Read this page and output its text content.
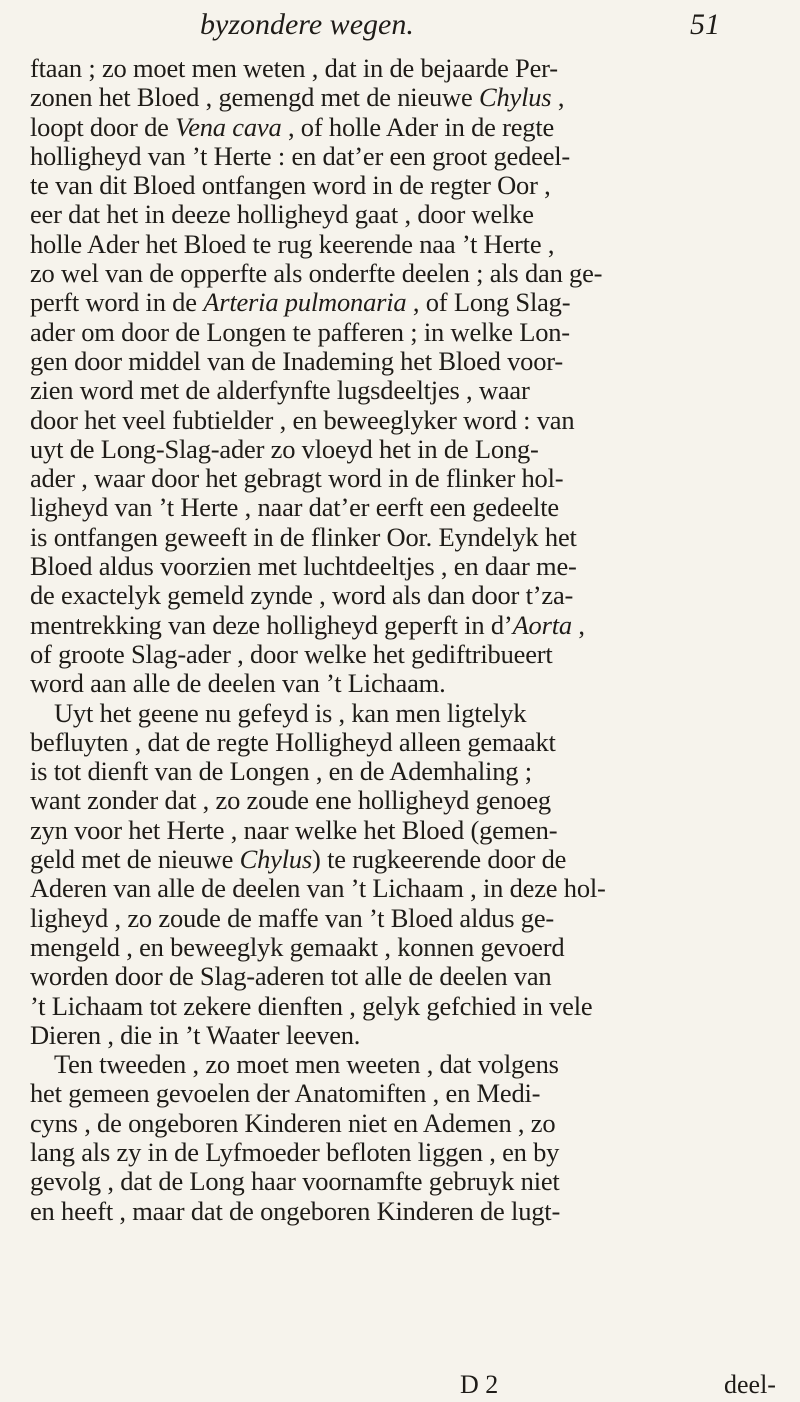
byzondere wegen.	51
ftaan ; zo moet men weten , dat in de bejaarde Per-
zonen het Bloed , gemengd met de nieuwe Chylus ,
loopt door de Vena cava , of holle Ader in de regte
holligheyd van ’t Herte : en dat’er een groot gedeel-
te van dit Bloed ontfangen word in de regter Oor ,
eer dat het in deeze holligheyd gaat , door welke
holle Ader het Bloed te rug keerende naa ’t Herte ,
zo wel van de opperfte als onderfte deelen ; als dan ge-
perft word in de Arteria pulmonaria , of Long Slag-
ader om door de Longen te pafferen ; in welke Lon-
gen door middel van de Inademing het Bloed voor-
zien word met de alderfynfte lugsdeeltjes , waar
door het veel fubtielder , en beweeglyker word : van
uyt de Long-Slag-ader zo vloeyd het in de Long-
ader , waar door het gebragt word in de flinker hol-
ligheyd van ’t Herte , naar dat’er eerft een gedeelte
is ontfangen geweeft in de flinker Oor. Eyndelyk het
Bloed aldus voorzien met luchtdeeltjes , en daar me-
de exactelyk gemeld zynde , word als dan door t’za-
mentrekking van deze holligheyd geperft in d’Aorta ,
of groote Slag-ader , door welke het gediftribueert
word aan alle de deelen van ’t Lichaam.
Uyt het geene nu gefeyd is , kan men ligtelyk
befluyten , dat de regte Holligheyd alleen gemaakt
is tot dienft van de Longen , en de Ademhaling ;
want zonder dat , zo zoude ene holligheyd genoeg
zyn voor het Herte , naar welke het Bloed (gemen-
geld met de nieuwe Chylus) te rugkeerende door de
Aderen van alle de deelen van ’t Lichaam , in deze hol-
ligheyd , zo zoude de maffe van ’t Bloed aldus ge-
mengeld , en beweeglyk gemaakt , konnen gevoerd
worden door de Slag-aderen tot alle de deelen van
’t Lichaam tot zekere dienften , gelyk gefchied in vele
Dieren , die in ’t Waater leeven.
Ten tweeden , zo moet men weeten , dat volgens
het gemeen gevoelen der Anatomiften , en Medi-
cyns , de ongeboren Kinderen niet en Ademen , zo
lang als zy in de Lyfmoeder befloten liggen , en by
gevolg , dat de Long haar voornamfte gebruyk niet
en heeft , maar dat de ongeboren Kinderen de lugt-
D 2	deel-
